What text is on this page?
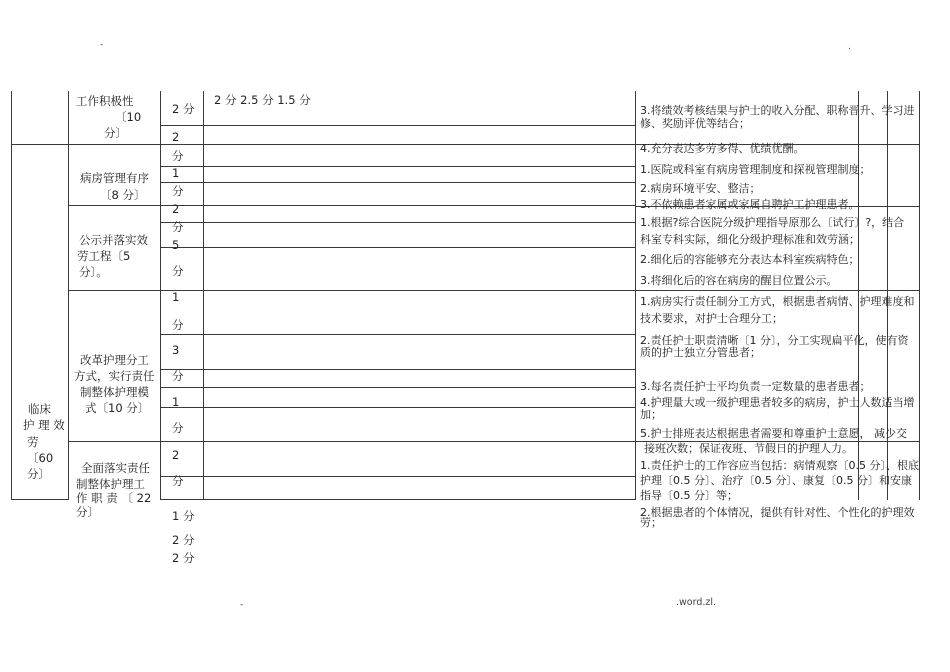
-	.
-	.word.zl.
临床
护 理 效
劳
〔60
分〕
工作积极性
〔10
分〕
病房管理有序
〔8 分〕
公示并落实效
劳工程〔5
分〕。
改革护理分工
方式，实行责任
制整体护理模
式〔10 分〕
全面落实责任
制整体护理工
作 职 责 〔 22
分〕
2 分
2
分
1
分
2
分
5
分
1
分
3
分
1
分
2
分
1 分
2 分
2 分
2 分 2.5 分 1.5 分
3.将绩效考核结果与护士的收入分配、职称晋升、学习进
修、奖励评优等结合；
4.充分表达多劳多得、优绩优酬。
1.医院或科室有病房管理制度和探视管理制度；
2.病房环境平安、整洁；
3.不依赖患者家属或家属自聘护工护理患者。
1.根据?综合医院分级护理指导原那么〔试行〕?，结合
科室专科实际，细化分级护理标准和效劳涵；
2.细化后的容能够充分表达本科室疾病特色；
3.将细化后的容在病房的醒目位置公示。
1.病房实行责任制分工方式，根据患者病情、护理难度和
技术要求，对护士合理分工；
2.责任护士职责清晰〔1 分〕，分工实现扁平化，使有资
质的护士独立分管患者；
3.每名责任护士平均负责一定数量的患者患者；
4.护理量大或一级护理患者较多的病房，护士人数适当增
加；
5.护士排班表达根据患者需要和尊重护士意愿， 减少交
接班次数；保证夜班、节假日的护理人力。
1.责任护士的工作容应当包括：病情观察〔0.5 分〕、根底
护理〔0.5 分〕、治疗〔0.5 分〕、康复〔0.5 分〕和安康
指导〔0.5 分〕等；
2.根据患者的个体情况，提供有针对性、个性化的护理效
劳；
